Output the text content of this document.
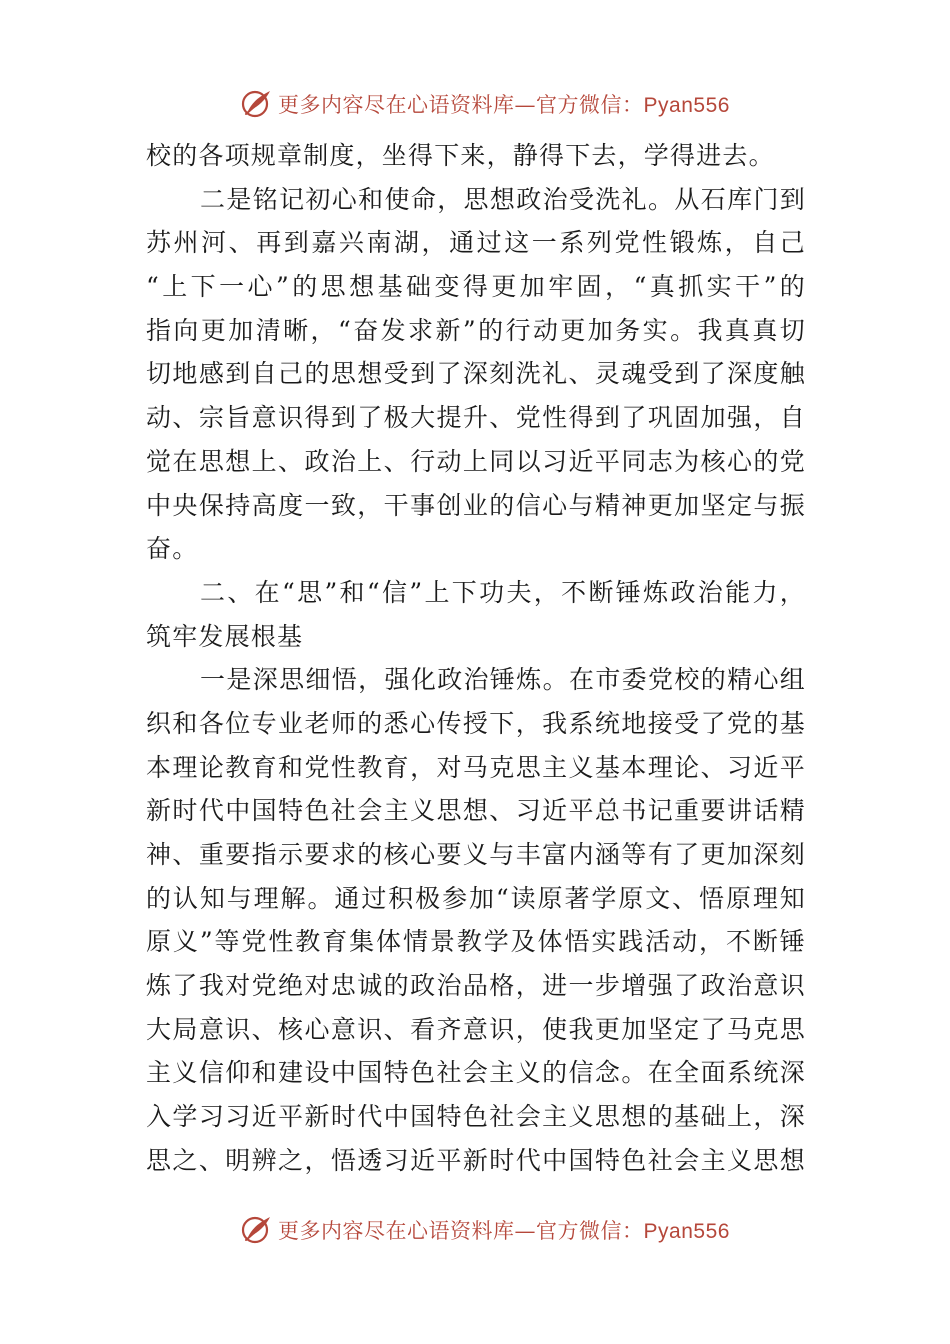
更多内容尽在心语资料库—官方微信：Pyan556
校的各项规章制度，坐得下来，静得下去，学得进去。
二是铭记初心和使命，思想政治受洗礼。从石库门到
苏州河、再到嘉兴南湖，通过这一系列党性锻炼，自己
“上下一心”的思想基础变得更加牢固，“真抓实干”的
指向更加清晰，“奋发求新”的行动更加务实。我真真切
切地感到自己的思想受到了深刻洗礼、灵魂受到了深度触
动、宗旨意识得到了极大提升、党性得到了巩固加强，自
觉在思想上、政治上、行动上同以习近平同志为核心的党
中央保持高度一致，干事创业的信心与精神更加坚定与振
奋。
二、在“思”和“信”上下功夫，不断锤炼政治能力，
筑牢发展根基
一是深思细悟，强化政治锤炼。在市委党校的精心组
织和各位专业老师的悉心传授下，我系统地接受了党的基
本理论教育和党性教育，对马克思主义基本理论、习近平
新时代中国特色社会主义思想、习近平总书记重要讲话精
神、重要指示要求的核心要义与丰富内涵等有了更加深刻
的认知与理解。通过积极参加“读原著学原文、悟原理知
原义”等党性教育集体情景教学及体悟实践活动，不断锤
炼了我对党绝对忠诚的政治品格，进一步增强了政治意识
大局意识、核心意识、看齐意识，使我更加坚定了马克思
主义信仰和建设中国特色社会主义的信念。在全面系统深
入学习习近平新时代中国特色社会主义思想的基础上，深
思之、明辨之，悟透习近平新时代中国特色社会主义思想
更多内容尽在心语资料库—官方微信：Pyan556
